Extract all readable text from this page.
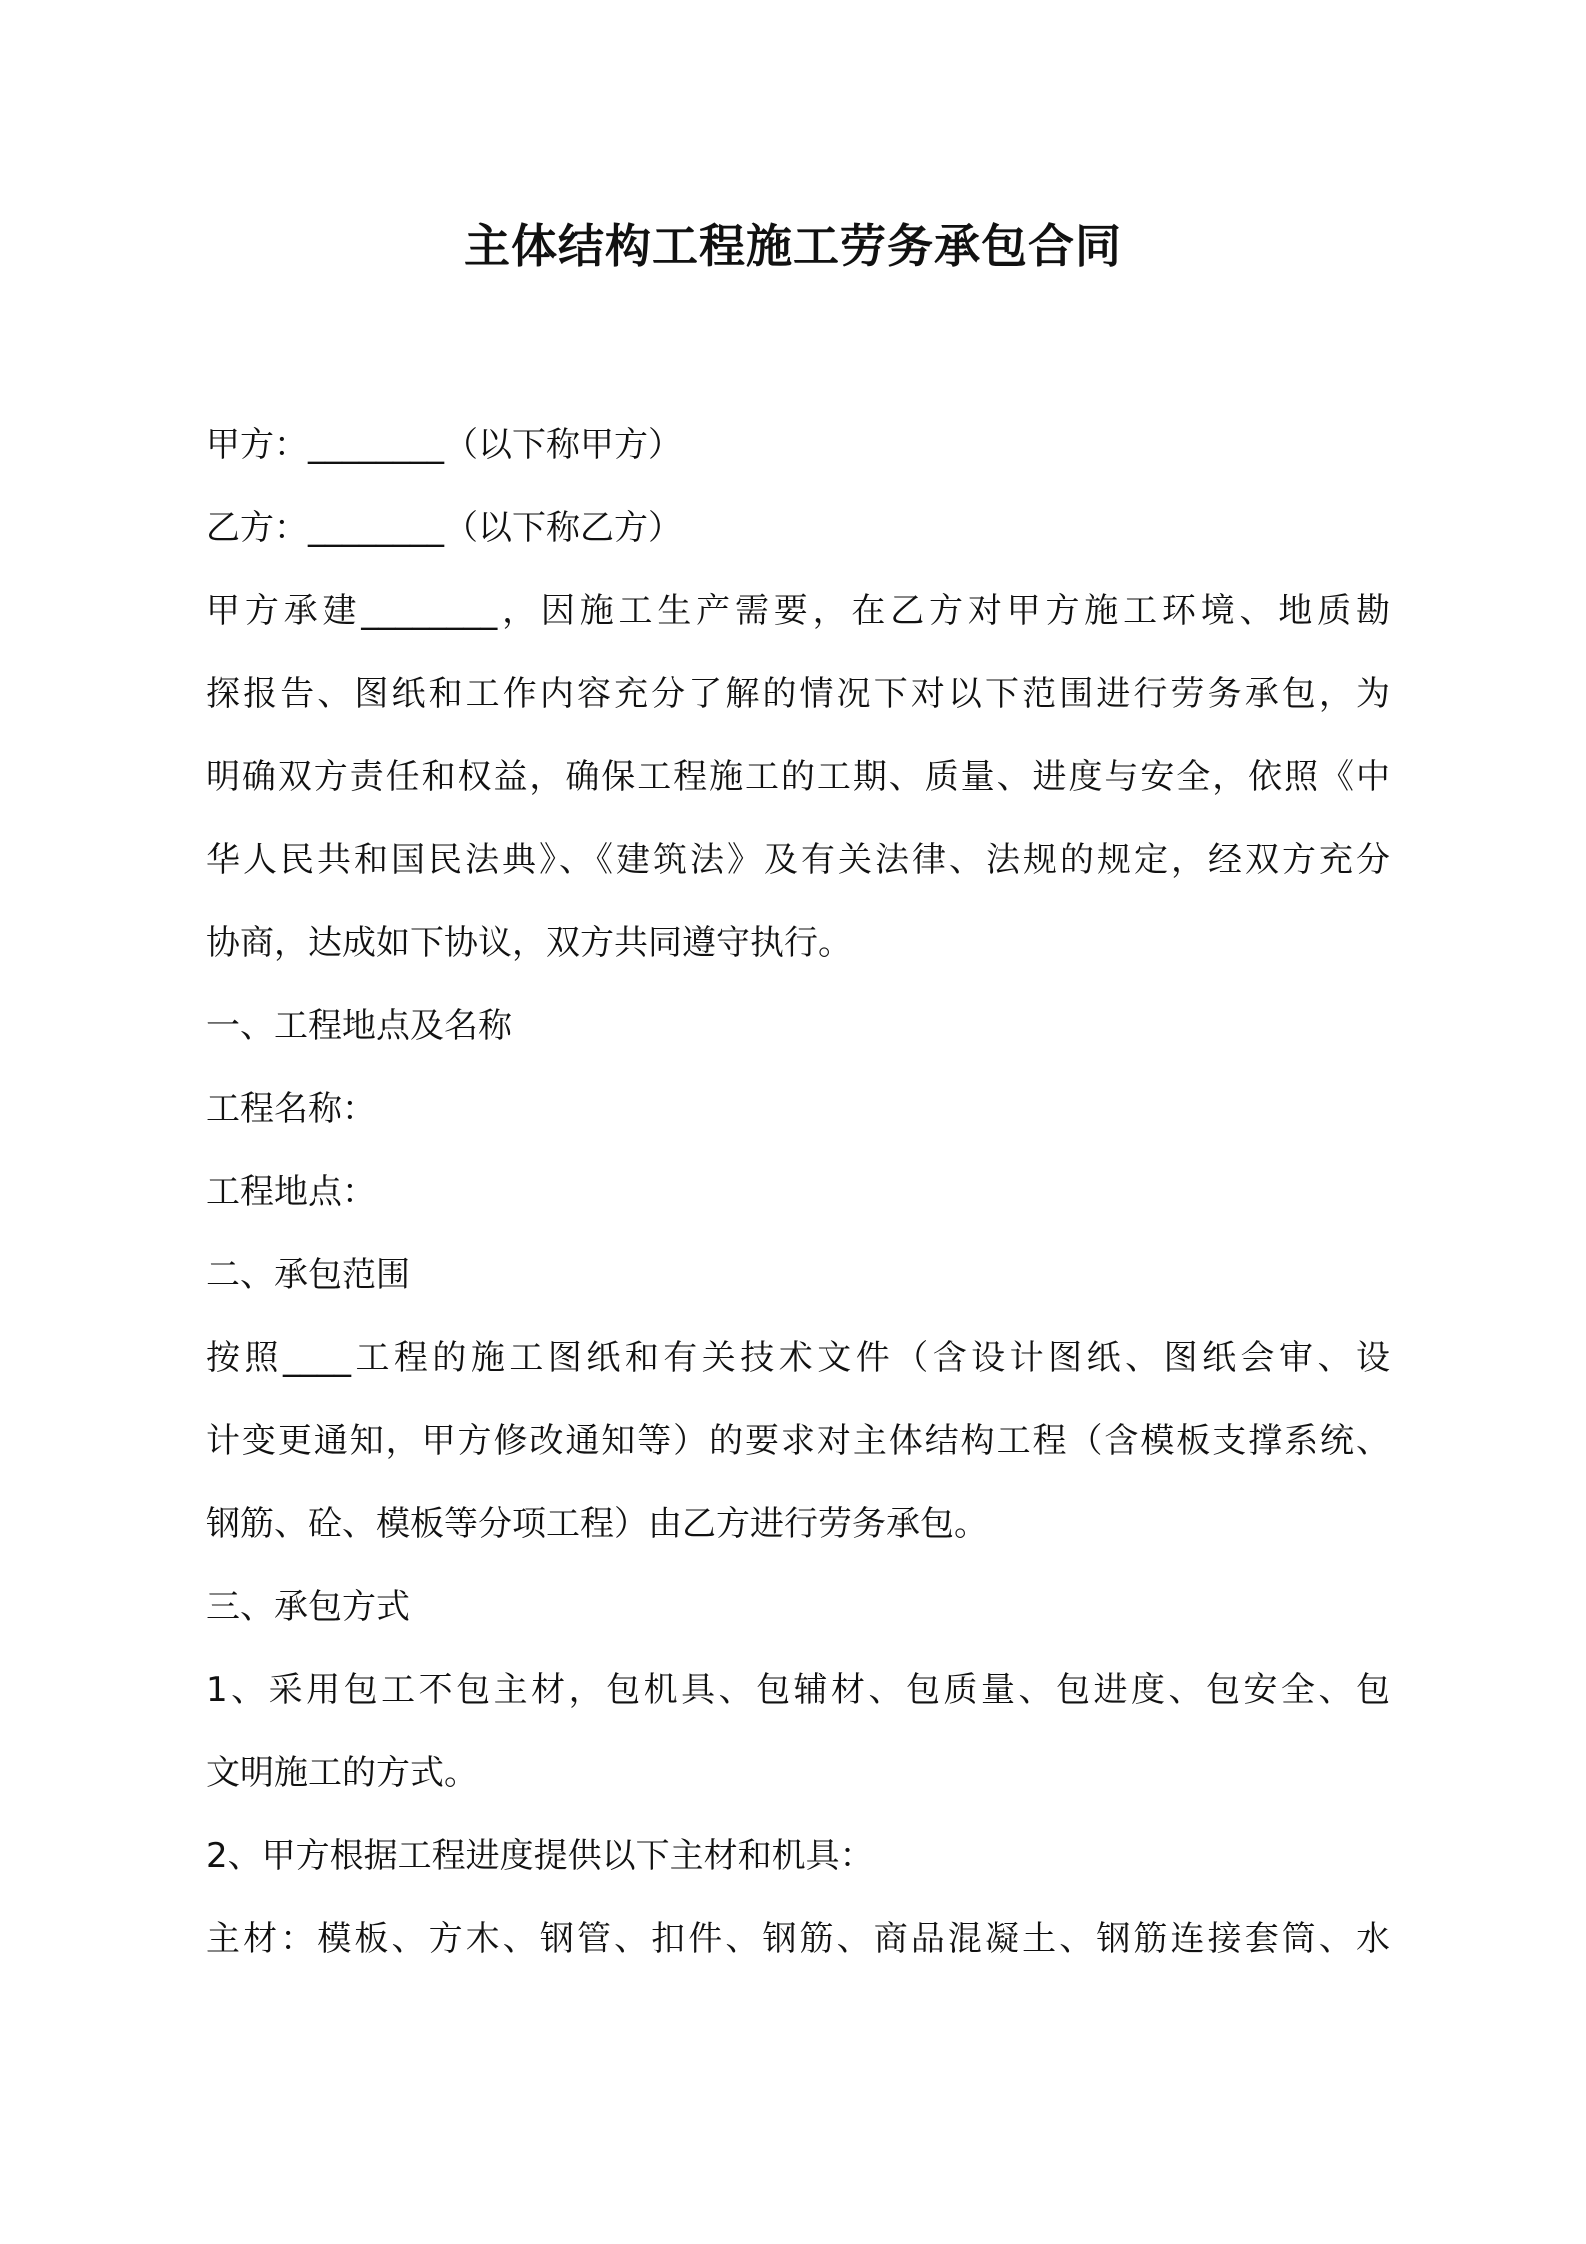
主体结构工程施工劳务承包合同
甲方：________（以下称甲方）
乙方：________（以下称乙方）
甲方承建________，因施工生产需要，在乙方对甲方施工环境、地质勘
探报告、图纸和工作内容充分了解的情况下对以下范围进行劳务承包，为
明确双方责任和权益，确保工程施工的工期、质量、进度与安全，依照《中
华人民共和国民法典》、《建筑法》及有关法律、法规的规定，经双方充分
协商，达成如下协议，双方共同遵守执行。
一、工程地点及名称
工程名称：
工程地点：
二、承包范围
按照____工程的施工图纸和有关技术文件（含设计图纸、图纸会审、设
计变更通知，甲方修改通知等）的要求对主体结构工程（含模板支撑系统、
钢筋、砼、模板等分项工程）由乙方进行劳务承包。
三、承包方式
1、采用包工不包主材，包机具、包辅材、包质量、包进度、包安全、包
文明施工的方式。
2、甲方根据工程进度提供以下主材和机具：
主材：模板、方木、钢管、扣件、钢筋、商品混凝土、钢筋连接套筒、水
